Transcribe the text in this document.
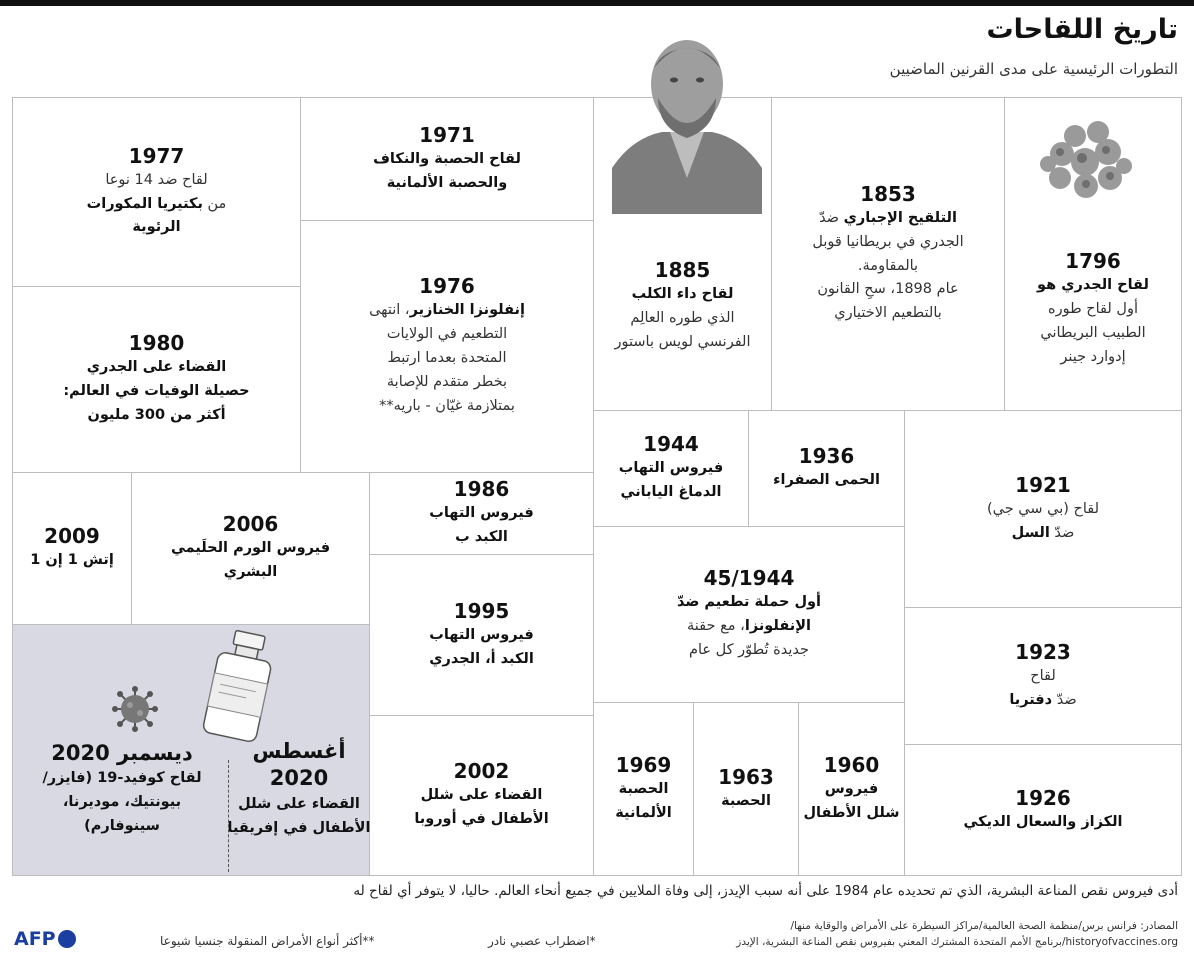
تاريخ اللقاحات
التطورات الرئيسية على مدى القرنين الماضيين
1796
لقاح الجدري هو
أول لقاح طوره
الطبيب البريطاني
إدوارد جينر
1853
التلقيح الإجباري ضدّ
الجدري في بريطانيا قوبل
بالمقاومة.
عام 1898، سحِ القانون
بالتطعيم الاختياري
1885
لقاح داء الكلب
الذي طوره العالِم
الفرنسي لويس باستور
1971
لقاح الحصبة والنكاف
والحصبة الألمانية
1977
لقاح ضد 14 نوعا
من بكتيريا المكورات
الرئوية
1976
إنفلونزا الخنازير، انتهى
التطعيم في الولايات
المتحدة بعدما ارتبط
بخطر متقدم للإصابة
بمتلازمة غيّان - باريه**
1980
القضاء على الجدري
حصيلة الوفيات في العالم:
أكثر من 300 مليون
1944
فيروس التهاب
الدماغ الياباني
1936
الحمى الصفراء	1921
لقاح (بي سي جي)
ضدّ السل
2009
إتش 1 إن 1
2006
فيروس الورم الحلَيمي
البشري
1986
فيروس التهاب
الكبد ب
45/1944
أول حملة تطعيم ضدّ
الإنفلونزا، مع حقنة
جديدة تُطوّر كل عام
1995
فيروس التهاب
الكبد أ، الجدري	1923
لقاح
ضدّ دفتريا
2002
القضاء على شلل
الأطفال في أوروبا
1969
الحصبة
الألمانية
1963
الحصبة
1960
فيروس
شلل الأطفال
1926
الكزاز والسعال الديكي
ديسمبر 2020
لقاح كوفيد-19 (فايزر/
بيونتيك، موديرنا،
سينوفارم)
أغسطس
2020
القضاء على شلل
الأطفال في إفريقيا
أدى فيروس نقص المناعة البشرية، الذي تم تحديده عام 1984 على أنه سبب الإيدز، إلى وفاة الملايين في جميع أنحاء العالم. حاليا، لا يتوفر أي لقاح له
المصادر: فرانس برس/منظمة الصحة العالمية/مراكز السيطرة على الأمراض والوقاية منها/
historyofvaccines.org/برنامج الأمم المتحدة المشترك المعني بفيروس نقص المناعة البشرية، الإيدز
*اضطراب عصبي نادر
**أكثر أنواع الأمراض المنقولة جنسيا شيوعا
AFP
